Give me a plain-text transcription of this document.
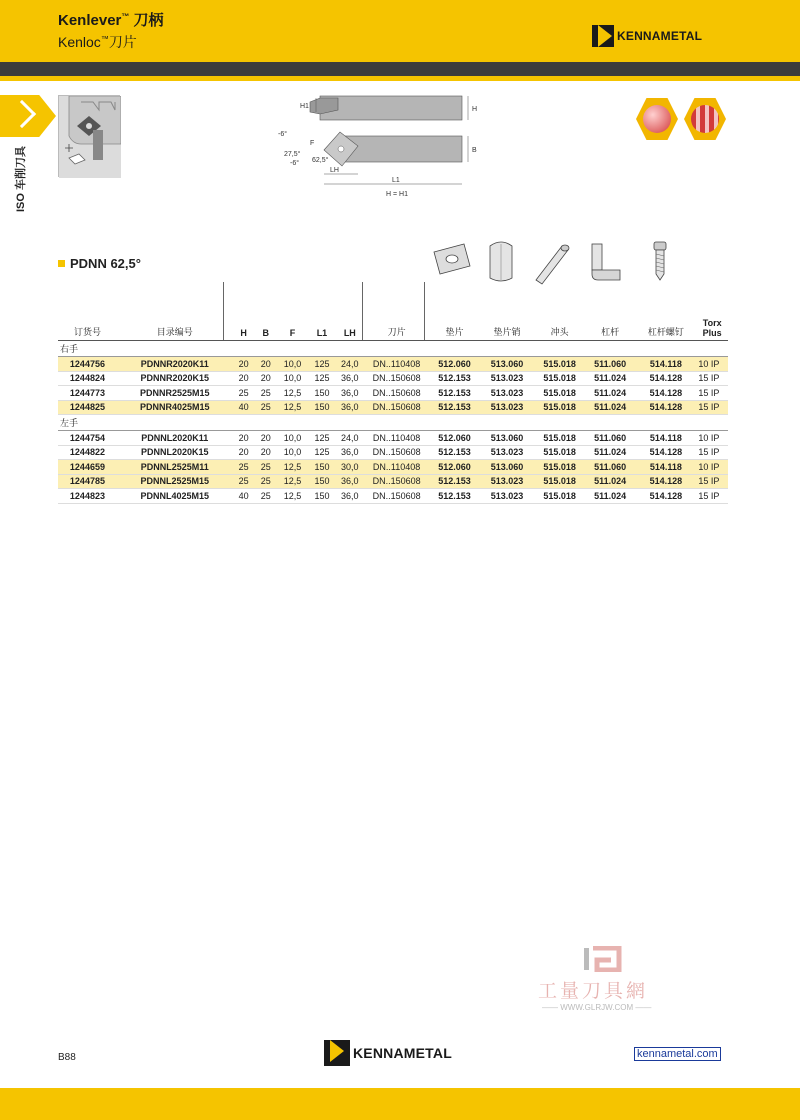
Kenlever™ 刀柄
Kenloc™刀片	KENNAMETAL
ISO 车削刀具
H1	H
B
F
-6°
27,5°
-6° 62,5°
LH
L1
H = H1
PDNN 62,5°
订货号	目录编号	H	B	F	L1	LH	刀片	垫片	垫片销	冲头	杠杆	杠杆螺钉	Torx
Plus
右手													
1244756	PDNNR2020K11	20	20	10,0	125	24,0	DN..110408	512.060	513.060	515.018	511.060	514.118	10 IP
1244824	PDNNR2020K15	20	20	10,0	125	36,0	DN..150608	512.153	513.023	515.018	511.024	514.128	15 IP
1244773	PDNNR2525M15	25	25	12,5	150	36,0	DN..150608	512.153	513.023	515.018	511.024	514.128	15 IP
1244825	PDNNR4025M15	40	25	12,5	150	36,0	DN..150608	512.153	513.023	515.018	511.024	514.128	15 IP
左手													
1244754	PDNNL2020K11	20	20	10,0	125	24,0	DN..110408	512.060	513.060	515.018	511.060	514.118	10 IP
1244822	PDNNL2020K15	20	20	10,0	125	36,0	DN..150608	512.153	513.023	515.018	511.024	514.128	15 IP
1244659	PDNNL2525M11	25	25	12,5	150	30,0	DN..110408	512.060	513.060	515.018	511.060	514.118	10 IP
1244785	PDNNL2525M15	25	25	12,5	150	36,0	DN..150608	512.153	513.023	515.018	511.024	514.128	15 IP
1244823	PDNNL4025M15	40	25	12,5	150	36,0	DN..150608	512.153	513.023	515.018	511.024	514.128	15 IP
工量刀具網
—— WWW.GLRJW.COM ——
B88	KENNAMETAL	kennametal.com
